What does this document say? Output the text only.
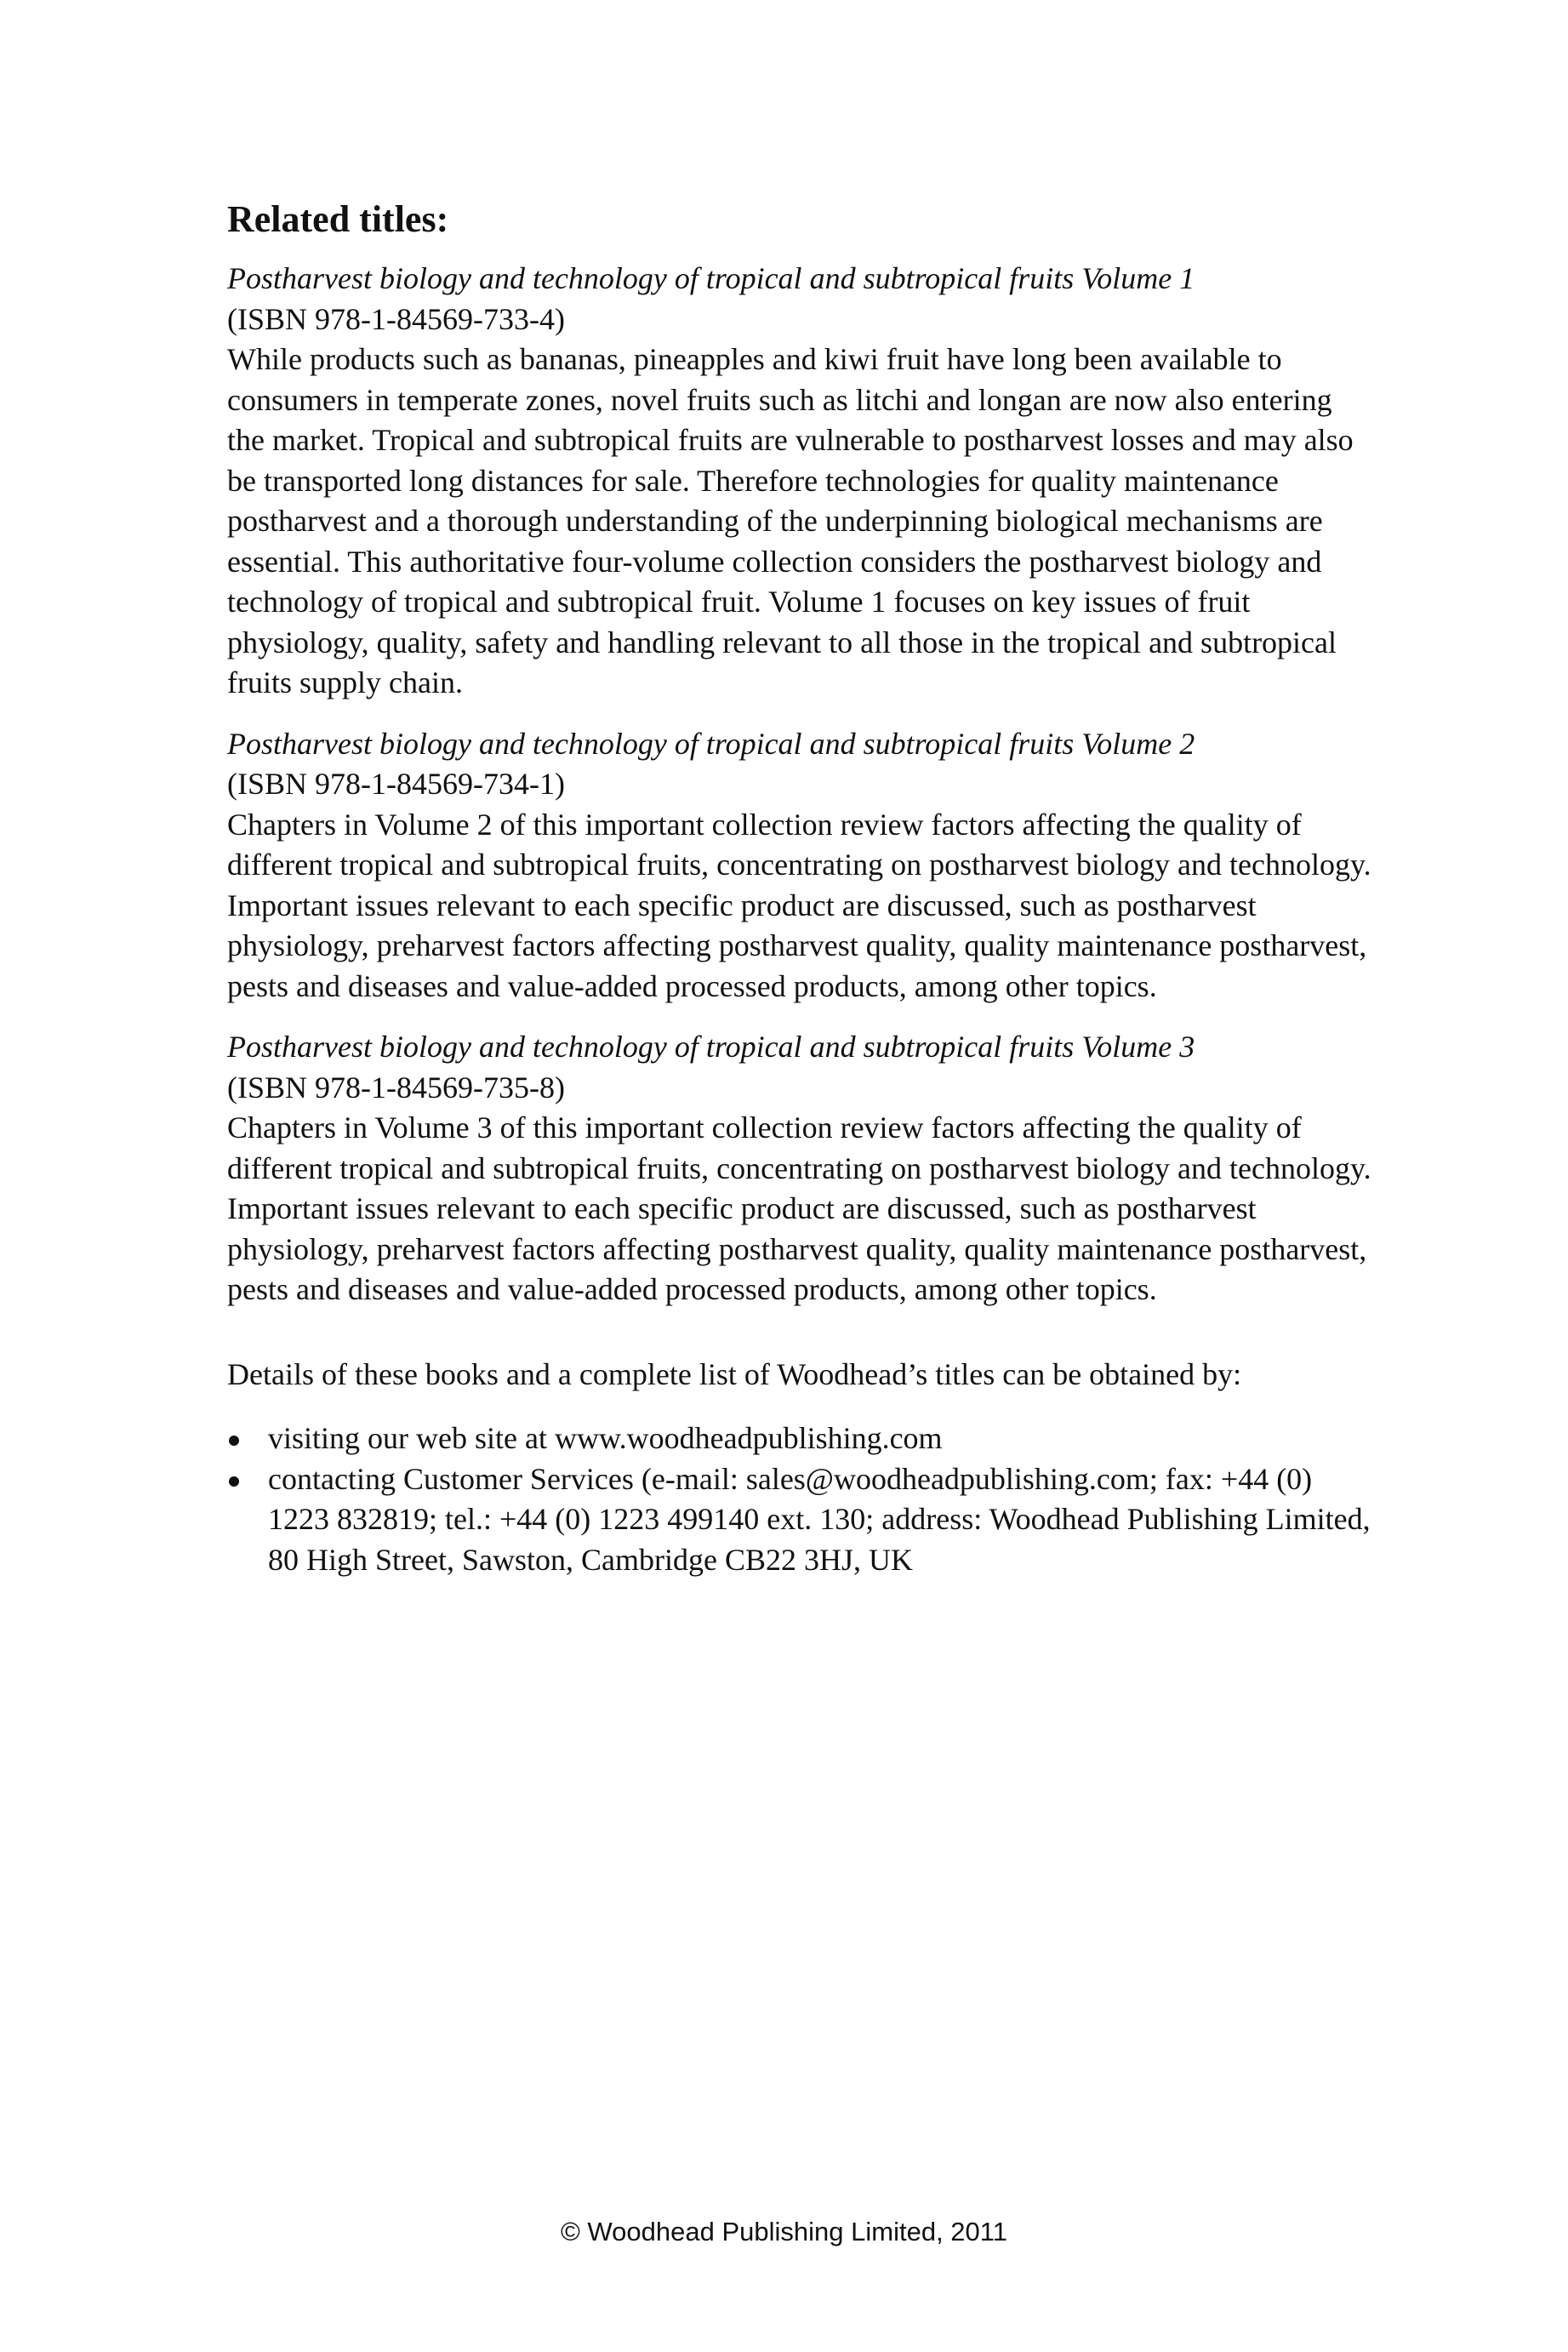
Related titles:
Postharvest biology and technology of tropical and subtropical fruits Volume 1
(ISBN 978-1-84569-733-4)
While products such as bananas, pineapples and kiwi fruit have long been available to consumers in temperate zones, novel fruits such as litchi and longan are now also entering the market. Tropical and subtropical fruits are vulnerable to postharvest losses and may also be transported long distances for sale. Therefore technologies for quality maintenance postharvest and a thorough understanding of the underpinning biological mechanisms are essential. This authoritative four-volume collection considers the postharvest biology and technology of tropical and subtropical fruit. Volume 1 focuses on key issues of fruit physiology, quality, safety and handling relevant to all those in the tropical and subtropical fruits supply chain.
Postharvest biology and technology of tropical and subtropical fruits Volume 2
(ISBN 978-1-84569-734-1)
Chapters in Volume 2 of this important collection review factors affecting the quality of different tropical and subtropical fruits, concentrating on postharvest biology and technology. Important issues relevant to each specific product are discussed, such as postharvest physiology, preharvest factors affecting postharvest quality, quality maintenance postharvest, pests and diseases and value-added processed products, among other topics.
Postharvest biology and technology of tropical and subtropical fruits Volume 3
(ISBN 978-1-84569-735-8)
Chapters in Volume 3 of this important collection review factors affecting the quality of different tropical and subtropical fruits, concentrating on postharvest biology and technology. Important issues relevant to each specific product are discussed, such as postharvest physiology, preharvest factors affecting postharvest quality, quality maintenance postharvest, pests and diseases and value-added processed products, among other topics.

Details of these books and a complete list of Woodhead’s titles can be obtained by:

visiting our web site at www.woodheadpublishing.com
contacting Customer Services (e-mail: sales@woodheadpublishing.com; fax: +44 (0) 1223 832819; tel.: +44 (0) 1223 499140 ext. 130; address: Woodhead Publishing Limited, 80 High Street, Sawston, Cambridge CB22 3HJ, UK
© Woodhead Publishing Limited, 2011
